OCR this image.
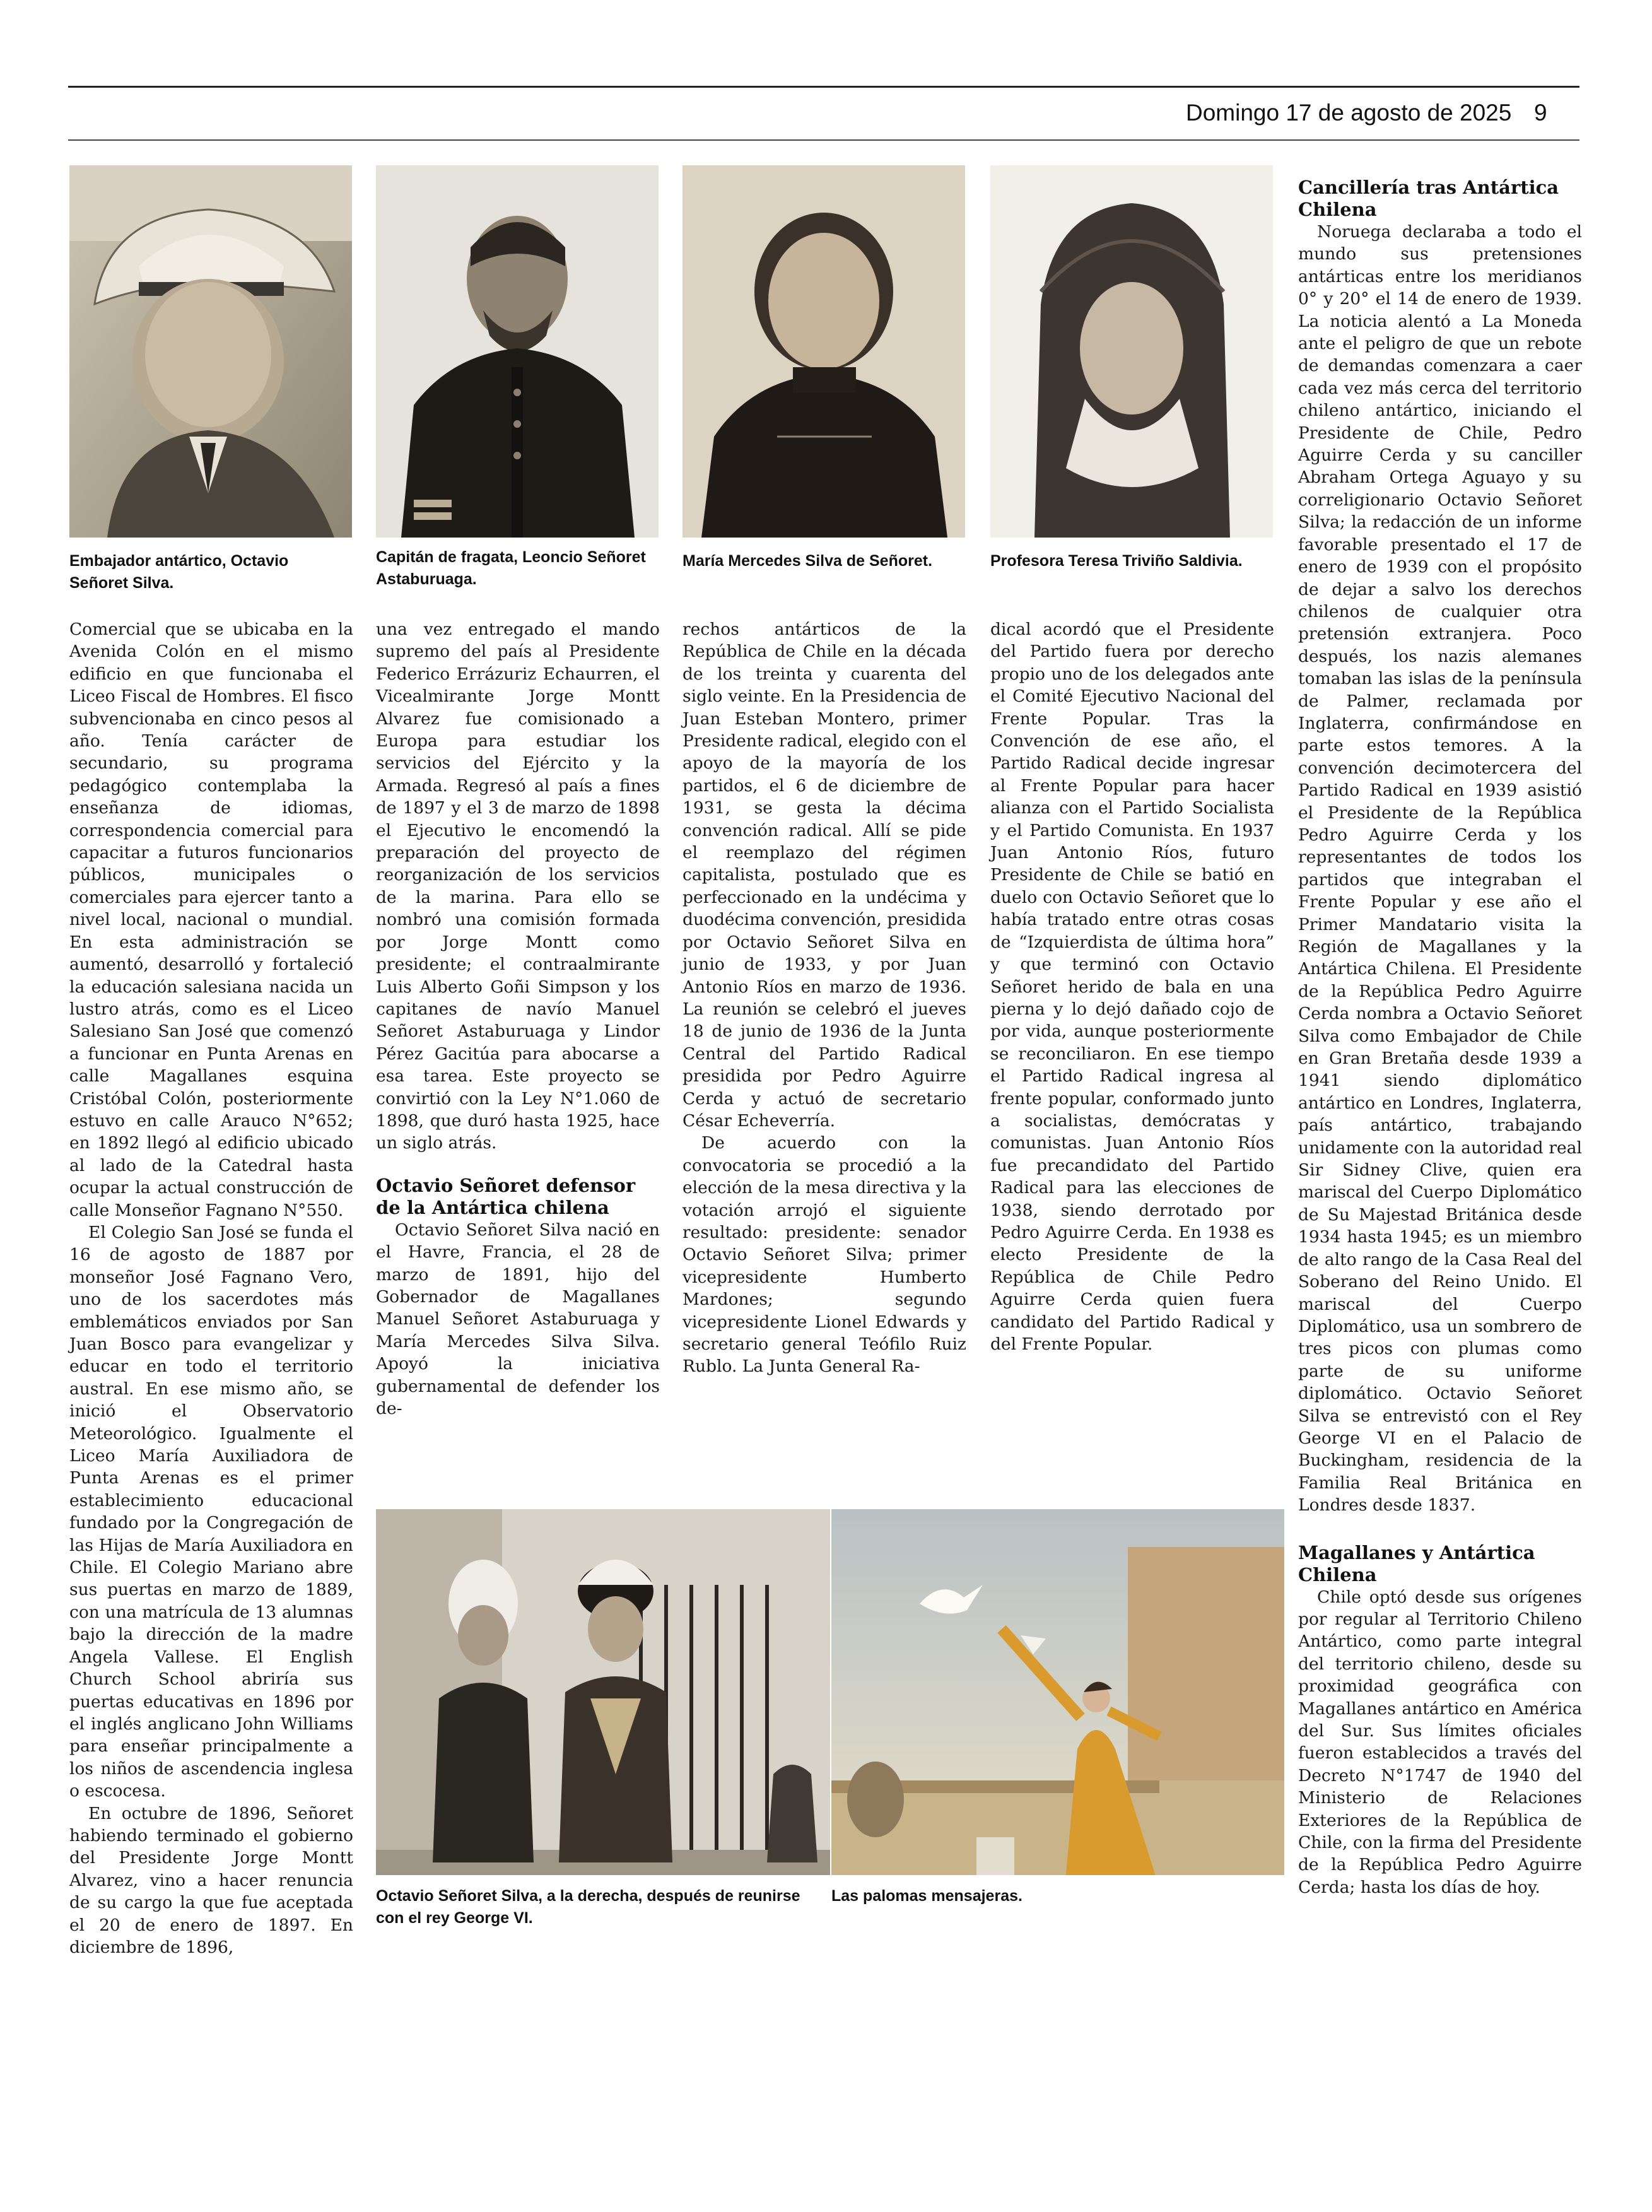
Domingo 17 de agosto de 2025 9
Embajador antártico, Octavio Señoret Silva.
Capitán de fragata, Leoncio Señoret Astaburuaga.
María Mercedes Silva de Señoret.	Profesora Teresa Triviño Saldivia.

Comercial que se ubicaba en la Avenida Colón en el mismo edificio en que funcionaba el Liceo Fiscal de Hombres. El fisco subvencionaba en cinco pesos al año. Tenía carácter de secundario, su programa pedagógico contemplaba la enseñanza de idiomas, correspondencia comercial para capacitar a futuros funcionarios públicos, municipales o comerciales para ejercer tanto a nivel local, nacional o mundial. En esta administración se aumentó, desarrolló y fortaleció la educación salesiana nacida un lustro atrás, como es el Liceo Salesiano San José que comenzó a funcionar en Punta Arenas en calle Magallanes esquina Cristóbal Colón, posteriormente estuvo en calle Arauco N°652; en 1892 llegó al edificio ubicado al lado de la Catedral hasta ocupar la actual construcción de calle Monseñor Fagnano N°550.

El Colegio San José se funda el 16 de agosto de 1887 por monseñor José Fagnano Vero, uno de los sacerdotes más emblemáticos enviados por San Juan Bosco para evangelizar y educar en todo el territorio austral. En ese mismo año, se inició el Observatorio Meteorológico. Igualmente el Liceo María Auxiliadora de Punta Arenas es el primer establecimiento educacional fundado por la Congregación de las Hijas de María Auxiliadora en Chile. El Colegio Mariano abre sus puertas en marzo de 1889, con una matrícula de 13 alumnas bajo la dirección de la madre Angela Vallese. El English Church School abriría sus puertas educativas en 1896 por el inglés anglicano John Williams para enseñar principalmente a los niños de ascendencia inglesa o escocesa.

En octubre de 1896, Señoret habiendo terminado el gobierno del Presidente Jorge Montt Alvarez, vino a hacer renuncia de su cargo la que fue aceptada el 20 de enero de 1897. En diciembre de 1896,

una vez entregado el mando supremo del país al Presidente Federico Errázuriz Echaurren, el Vicealmirante Jorge Montt Alvarez fue comisionado a Europa para estudiar los servicios del Ejército y la Armada. Regresó al país a fines de 1897 y el 3 de marzo de 1898 el Ejecutivo le encomendó la preparación del proyecto de reorganización de los servicios de la marina. Para ello se nombró una comisión formada por Jorge Montt como presidente; el contraalmirante Luis Alberto Goñi Simpson y los capitanes de navío Manuel Señoret Astaburuaga y Lindor Pérez Gacitúa para abocarse a esa tarea. Este proyecto se convirtió con la Ley N°1.060 de 1898, que duró hasta 1925, hace un siglo atrás.

Octavio Señoret defensor de la Antártica chilena

Octavio Señoret Silva nació en el Havre, Francia, el 28 de marzo de 1891, hijo del Gobernador de Magallanes Manuel Señoret Astaburuaga y María Mercedes Silva Silva. Apoyó la iniciativa gubernamental de defender los de-

rechos antárticos de la República de Chile en la década de los treinta y cuarenta del siglo veinte. En la Presidencia de Juan Esteban Montero, primer Presidente radical, elegido con el apoyo de la mayoría de los partidos, el 6 de diciembre de 1931, se gesta la décima convención radical. Allí se pide el reemplazo del régimen capitalista, postulado que es perfeccionado en la undécima y duodécima convención, presidida por Octavio Señoret Silva en junio de 1933, y por Juan Antonio Ríos en marzo de 1936. La reunión se celebró el jueves 18 de junio de 1936 de la Junta Central del Partido Radical presidida por Pedro Aguirre Cerda y actuó de secretario César Echeverría.

De acuerdo con la convocatoria se procedió a la elección de la mesa directiva y la votación arrojó el siguiente resultado: presidente: senador Octavio Señoret Silva; primer vicepresidente Humberto Mardones; segundo vicepresidente Lionel Edwards y secretario general Teófilo Ruiz Rublo. La Junta General Ra-

dical acordó que el Presidente del Partido fuera por derecho propio uno de los delegados ante el Comité Ejecutivo Nacional del Frente Popular. Tras la Convención de ese año, el Partido Radical decide ingresar al Frente Popular para hacer alianza con el Partido Socialista y el Partido Comunista. En 1937 Juan Antonio Ríos, futuro Presidente de Chile se batió en duelo con Octavio Señoret que lo había tratado entre otras cosas de “Izquierdista de última hora” y que terminó con Octavio Señoret herido de bala en una pierna y lo dejó dañado cojo de por vida, aunque posteriormente se reconciliaron. En ese tiempo el Partido Radical ingresa al frente popular, conformado junto a socialistas, demócratas y comunistas. Juan Antonio Ríos fue precandidato del Partido Radical para las elecciones de 1938, siendo derrotado por Pedro Aguirre Cerda. En 1938 es electo Presidente de la República de Chile Pedro Aguirre Cerda quien fuera candidato del Partido Radical y del Frente Popular.

Cancillería tras Antártica Chilena

Noruega declaraba a todo el mundo sus pretensiones antárticas entre los meridianos 0° y 20° el 14 de enero de 1939. La noticia alentó a La Moneda ante el peligro de que un rebote de demandas comenzara a caer cada vez más cerca del territorio chileno antártico, iniciando el Presidente de Chile, Pedro Aguirre Cerda y su canciller Abraham Ortega Aguayo y su correligionario Octavio Señoret Silva; la redacción de un informe favorable presentado el 17 de enero de 1939 con el propósito de dejar a salvo los derechos chilenos de cualquier otra pretensión extranjera. Poco después, los nazis alemanes tomaban las islas de la península de Palmer, reclamada por Inglaterra, confirmándose en parte estos temores. A la convención decimotercera del Partido Radical en 1939 asistió el Presidente de la República Pedro Aguirre Cerda y los representantes de todos los partidos que integraban el Frente Popular y ese año el Primer Mandatario visita la Región de Magallanes y la Antártica Chilena. El Presidente de la República Pedro Aguirre Cerda nombra a Octavio Señoret Silva como Embajador de Chile en Gran Bretaña desde 1939 a 1941 siendo diplomático antártico en Londres, Inglaterra, país antártico, trabajando unidamente con la autoridad real Sir Sidney Clive, quien era mariscal del Cuerpo Diplomático de Su Majestad Británica desde 1934 hasta 1945; es un miembro de alto rango de la Casa Real del Soberano del Reino Unido. El mariscal del Cuerpo Diplomático, usa un sombrero de tres picos con plumas como parte de su uniforme diplomático. Octavio Señoret Silva se entrevistó con el Rey George VI en el Palacio de Buckingham, residencia de la Familia Real Británica en Londres desde 1837.

Magallanes y Antártica Chilena

Chile optó desde sus orígenes por regular al Territorio Chileno Antártico, como parte integral del territorio chileno, desde su proximidad geográfica con Magallanes antártico en América del Sur. Sus límites oficiales fueron establecidos a través del Decreto N°1747 de 1940 del Ministerio de Relaciones Exteriores de la República de Chile, con la firma del Presidente de la República Pedro Aguirre Cerda; hasta los días de hoy.

Octavio Señoret Silva, a la derecha, después de reunirse con el rey George VI.
Las palomas mensajeras.
